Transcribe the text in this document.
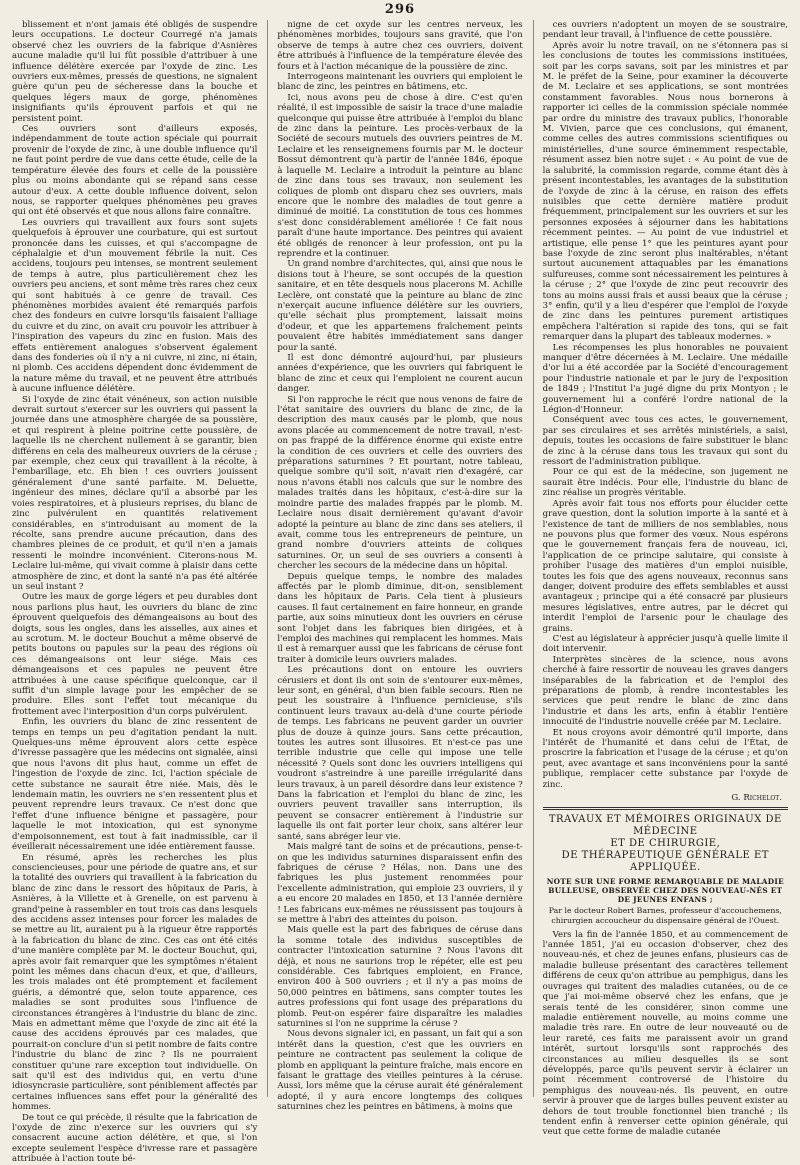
296

blissement et n'ont jamais été obligés de suspendre leurs occupations. Le docteur Courregé n'a jamais observé chez les ouvriers de la fabrique d'Asnières aucune maladie qu'il lui fût possible d'attribuer à une influence délétère exercée par l'oxyde de zinc. Les ouvriers eux-mêmes, pressés de questions, ne signalent guère qu'un peu de sécheresse dans la bouche et quelques légers maux de gorge, phénomènes insignifiants qu'ils éprouvent parfois et qui ne persistent point.

Ces ouvriers sont d'ailleurs exposés, indépendamment de toute action spéciale qui pourrait provenir de l'oxyde de zinc, à une double influence qu'il ne faut point perdre de vue dans cette étude, celle de la température élevée des fours et celle de la poussière plus ou moins abondante qui se répand sans cesse autour d'eux. A cette double influence doivent, selon nous, se rapporter quelques phénomènes peu graves qui ont été observés et que nous allons faire connaître.

Les ouvriers qui travaillent aux fours sont sujets quelquefois à éprouver une courbature, qui est surtout prononcée dans les cuisses, et qui s'accompagne de céphalalgie et d'un mouvement fébrile la nuit. Ces accidens, toujours peu intenses, se montrent seulement de temps à autre, plus particulièrement chez les ouvriers peu anciens, et sont même très rares chez ceux qui sont habitués à ce genre de travail. Ces phénomènes morbides avaient été remarqués parfois chez des fondeurs en cuivre lorsqu'ils faisaient l'alliage du cuivre et du zinc, on avait cru pouvoir les attribuer à l'inspiration des vapeurs du zinc en fusion. Mais des effets entièrement analogues s'observent également dans des fonderies où il n'y a ni cuivre, ni zinc, ni étain, ni plomb. Ces accidens dépendent donc évidemment de la nature même du travail, et ne peuvent être attribués à aucune influence délétère.

Si l'oxyde de zinc était vénéneux, son action nuisible devrait surtout s'exercer sur les ouvriers qui passent la journée dans une atmosphère chargée de sa poussière, et qui respirent à pleine poitrine cette poussière, de laquelle ils ne cherchent nullement à se garantir, bien différens en cela des malheureux ouvriers de la céruse ; par exemple, chez ceux qui travaillent à la récolte, à l'embarillage, etc. Eh bien ! ces ouvriers jouissent généralement d'une santé parfaite. M. Deluette, ingénieur des mines, déclare qu'il a absorbé par les voies respiratoires, et à plusieurs reprises, du blanc de zinc pulvérulent en quantités relativement considérables, en s'introduisant au moment de la récolte, sans prendre aucune précaution, dans des chambres pleines de ce produit, et qu'il n'en a jamais ressenti le moindre inconvénient. Citerons-nous M. Leclaire lui-même, qui vivait comme à plaisir dans cette atmosphère de zinc, et dont la santé n'a pas été altérée un seul instant ?

Outre les maux de gorge légers et peu durables dont nous parlions plus haut, les ouvriers du blanc de zinc éprouvent quelquefois des démangeaisons au bout des doigts, sous les ongles, dans les aisselles, aux aines et au scrotum. M. le docteur Bouchut a même observé de petits boutons ou papules sur la peau des régions où ces démangeaisons ont leur siége. Mais ces démangeaisons et ces papules ne peuvent être attribuées à une cause spécifique quelconque, car il suffit d'un simple lavage pour les empêcher de se produire. Elles sont l'effet tout mécanique du frottement avec l'interposition d'un corps pulvérulent.

Enfin, les ouvriers du blanc de zinc ressentent de temps en temps un peu d'agitation pendant la nuit. Quelques-uns même éprouvent alors cette espèce d'ivresse passagère que les médecins ont signalée, ainsi que nous l'avons dit plus haut, comme un effet de l'ingestion de l'oxyde de zinc. Ici, l'action spéciale de cette substance ne saurait être niée. Mais, dès le lendemain matin, les ouvriers ne s'en ressentent plus et peuvent reprendre leurs travaux. Ce n'est donc que l'effet d'une influence bénigne et passagère, pour laquelle le mot intoxication, qui est synonyme d'empoisonnement, est tout à fait inadmissible, car il éveillerait nécessairement une idée entièrement fausse.

En résumé, après les recherches les plus consciencieuses, pour une période de quatre ans, et sur la totalité des ouvriers qui travaillent à la fabrication du blanc de zinc dans le ressort des hôpitaux de Paris, à Asnières, à la Villette et à Grenelle, on est parvenu à grand'peine à rassembler en tout trois cas dans lesquels des accidens assez intenses pour forcer les malades de se mettre au lit, auraient pu à la rigueur être rapportés à la fabrication du blanc de zinc. Ces cas ont été cités d'une manière complète par M. le docteur Bouchut, qui, après avoir fait remarquer que les symptômes n'étaient point les mêmes dans chacun d'eux, et que, d'ailleurs, les trois malades ont été promptement et facilement guéris, a démontré que, selon toute apparence, ces maladies se sont produites sous l'influence de circonstances étrangères à l'industrie du blanc de zinc. Mais en admettant même que l'oxyde de zinc ait été la cause des accidens éprouvés par ces malades, que pourrait-on conclure d'un si petit nombre de faits contre l'industrie du blanc de zinc ? Ils ne pourraient constituer qu'une rare exception tout individuelle. On sait qu'il est des individus qui, en vertu d'une idiosyncrasie particulière, sont péniblement affectés par certaines influences sans effet pour la généralité des hommes.

De tout ce qui précède, il résulte que la fabrication de l'oxyde de zinc n'exerce sur les ouvriers qui s'y consacrent aucune action délétère, et que, si l'on excepte seulement l'espèce d'ivresse rare et passagère attribuée à l'action toute bé-

nigne de cet oxyde sur les centres nerveux, les phénomènes morbides, toujours sans gravité, que l'on observe de temps à autre chez ces ouvriers, doivent être attribués à l'influence de la température élevée des fours et à l'action mécanique de la poussière de zinc.

Interrogeons maintenant les ouvriers qui emploient le blanc de zinc, les peintres en bâtimens, etc.

Ici, nous avons peu de chose à dire. C'est qu'en réalité, il est impossible de saisir la trace d'une maladie quelconque qui puisse être attribuée à l'emploi du blanc de zinc dans la peinture. Les procès-verbaux de la Société de secours mutuels des ouvriers peintres de M. Leclaire et les renseignemens fournis par M. le docteur Bossut démontrent qu'à partir de l'année 1846, époque à laquelle M. Leclaire a introduit la peinture au blanc de zinc dans tous ses travaux, non seulement les coliques de plomb ont disparu chez ses ouvriers, mais encore que le nombre des maladies de tout genre a diminué de moitié. La constitution de tous ces hommes s'est donc considérablement améliorée ! Ce fait nous paraît d'une haute importance. Des peintres qui avaient été obligés de renoncer à leur profession, ont pu la reprendre et la continuer.

Un grand nombre d'architectes, qui, ainsi que nous le disions tout à l'heure, se sont occupés de la question sanitaire, et en tête desquels nous placerons M. Achille Leclère, ont constaté que la peinture au blanc de zinc n'exerçait aucune influence délétère sur les ouvriers, qu'elle séchait plus promptement, laissait moins d'odeur, et que les appartemens fraîchement peints pouvaient être habités immédiatement sans danger pour la santé.

Il est donc démontré aujourd'hui, par plusieurs années d'expérience, que les ouvriers qui fabriquent le blanc de zinc et ceux qui l'emploient ne courent aucun danger.

Si l'on rapproche le récit que nous venons de faire de l'état sanitaire des ouvriers du blanc de zinc, de la description des maux causés par le plomb, que nous avons placée au commencement de notre travail, n'est-on pas frappé de la différence énorme qui existe entre la condition de ces ouvriers et celle des ouvriers des préparations saturnines ? Et pourtant, notre tableau, quelque sombre qu'il soit, n'avait rien d'exagéré, car nous n'avons établi nos calculs que sur le nombre des malades traités dans les hôpitaux, c'est-à-dire sur la moindre partie des malades frappés par le plomb. M. Leclaire nous disait dernièrement qu'avant d'avoir adopté la peinture au blanc de zinc dans ses ateliers, il avait, comme tous les entrepreneurs de peinture, un grand nombre d'ouvriers atteints de coliques saturnines. Or, un seul de ses ouvriers a consenti à chercher les secours de la médecine dans un hôpital.

Depuis quelque temps, le nombre des malades affectés par le plomb diminue, dit-on, sensiblement dans les hôpitaux de Paris. Cela tient à plusieurs causes. Il faut certainement en faire honneur, en grande partie, aux soins minutieux dont les ouvriers en céruse sont l'objet dans les fabriques bien dirigées, et à l'emploi des machines qui remplacent les hommes. Mais il est à remarquer aussi que les fabricans de céruse font traiter à domicile leurs ouvriers malades.

Les précautions dont on entoure les ouvriers cérusiers et dont ils ont soin de s'entourer eux-mêmes, leur sont, en général, d'un bien faible secours. Rien ne peut les soustraire à l'influence pernicieuse, s'ils continuent leurs travaux au-delà d'une courte période de temps. Les fabricans ne peuvent garder un ouvrier plus de douze à quinze jours. Sans cette précaution, toutes les autres sont illusoires. Et n'est-ce pas une terrible industrie que celle qui impose une telle nécessité ? Quels sont donc les ouvriers intelligens qui voudront s'astreindre à une pareille irrégularité dans leurs travaux, à un pareil désordre dans leur existence ? Dans la fabrication et l'emploi du blanc de zinc, les ouvriers peuvent travailler sans interruption, ils peuvent se consacrer entièrement à l'industrie sur laquelle ils ont fait porter leur choix, sans altérer leur santé, sans abréger leur vie.

Mais malgré tant de soins et de précautions, pense-t-on que les individus saturnines disparaissent enfin des fabriques de céruse ? Hélas, non. Dans une des fabriques les plus justement renommées pour l'excellente administration, qui emploie 23 ouvriers, il y a eu encore 20 malades en 1850, et 13 l'année dernière ! Les fabricans eux-mêmes ne réussissent pas toujours à se mettre à l'abri des atteintes du poison.

Mais quelle est la part des fabriques de céruse dans la somme totale des individus susceptibles de contracter l'intoxication saturnine ? Nous l'avons dit déjà, et nous ne saurions trop le répéter, elle est peu considérable. Ces fabriques emploient, en France, environ 400 à 500 ouvriers ; et il n'y a pas moins de 50,000 peintres en bâtimens, sans compter toutes les autres professions qui font usage des préparations du plomb. Peut-on espérer faire disparaître les maladies saturnines si l'on ne supprime la céruse ?

Nous devons signaler ici, en passant, un fait qui a son intérêt dans la question, c'est que les ouvriers en peinture ne contractent pas seulement la colique de plomb en appliquant la peinture fraîche, mais encore en faisant le grattage des vieilles peintures à la céruse. Aussi, lors même que la céruse aurait été généralement adopté, il y aura encore longtemps des coliques saturnines chez les peintres en bâtimens, à moins que

ces ouvriers n'adoptent un moyen de se soustraire, pendant leur travail, à l'influence de cette poussière.

Après avoir lu notre travail, on ne s'étonnera pas si les conclusions de toutes les commissions instituées, soit par les corps savans, soit par les ministres et par M. le préfet de la Seine, pour examiner la découverte de M. Leclaire et ses applications, se sont montrées constamment favorables. Nous nous bornerons à rapporter ici celles de la commission spéciale nommée par ordre du ministre des travaux publics, l'honorable M. Vivien, parce que ces conclusions, qui émanent, comme celles des autres commissions scientifiques ou ministérielles, d'une source éminemment respectable, résument assez bien notre sujet : « Au point de vue de la salubrité, la commission regarde, comme étant dès à présent incontestables, les avantages de la substitution de l'oxyde de zinc à la céruse, en raison des effets nuisibles que cette dernière matière produit fréquemment, principalement sur les ouvriers et sur les personnes exposées à séjourner dans les habitations récemment peintes. — Au point de vue industriel et artistique, elle pense 1° que les peintures ayant pour base l'oxyde de zinc seront plus inaltérables, n'étant surtout aucunement attaquables par les émanations sulfureuses, comme sont nécessairement les peintures à la céruse ; 2° que l'oxyde de zinc peut recouvrir des tons au moins aussi frais et aussi beaux que la céruse ; 3° enfin, qu'il y a lieu d'espérer que l'emploi de l'oxyde de zinc dans les peintures purement artistiques empêchera l'altération si rapide des tons, qui se fait remarquer dans la plupart des tableaux modernes. »

Les récompenses les plus honorables ne pouvaient manquer d'être décernées à M. Leclaire. Une médaille d'or lui a été accordée par la Société d'encouragement pour l'industrie nationale et par le jury de l'exposition de 1849 ; l'Institut l'a jugé digne du prix Montyon ; le gouvernement lui a conféré l'ordre national de la Légion-d'Honneur.

Conséquent avec tous ces actes, le gouvernement, par ses circulaires et ses arrêtés ministériels, a saisi, depuis, toutes les occasions de faire substituer le blanc de zinc à la céruse dans tous les travaux qui sont du ressort de l'administration publique.

Pour ce qui est de la médecine, son jugement ne saurait être indécis. Pour elle, l'industrie du blanc de zinc réalise un progrès véritable.

Après avoir fait tous nos efforts pour élucider cette grave question, dont la solution importe à la santé et à l'existence de tant de milliers de nos semblables, nous ne pouvons plus que former des vœux. Nous espérons que le gouvernement français fera de nouveau, ici, l'application de ce principe salutaire, qui consiste à prohiber l'usage des matières d'un emploi nuisible, toutes les fois que des agens nouveaux, reconnus sans danger, doivent produire des effets semblables et aussi avantageux ; principe qui a été consacré par plusieurs mesures législatives, entre autres, par le décret qui interdit l'emploi de l'arsenic pour le chaulage des grains.

C'est au législateur à apprécier jusqu'à quelle limite il doit intervenir.

Interprètes sincères de la science, nous avons cherché à faire ressortir de nouveau les graves dangers inséparables de la fabrication et de l'emploi des préparations de plomb, à rendre incontestables les services que peut rendre le blanc de zinc dans l'industrie et dans les arts, enfin à établir l'entière innocuité de l'industrie nouvelle créée par M. Leclaire.

Et nous croyons avoir démontré qu'il importe, dans l'intérêt de l'humanité et dans celui de l'État, de proscrire la fabrication et l'usage de la céruse ; et qu'on peut, avec avantage et sans inconvéniens pour la santé publique, remplacer cette substance par l'oxyde de zinc.

G. Richelot.
TRAVAUX ET MÉMOIRES ORIGINAUX DE MÉDECINE
ET DE CHIRURGIE,
DE THÉRAPEUTIQUE GÉNÉRALE ET APPLIQUÉE.
NOTE SUR UNE FORME REMARQUABLE DE MALADIE BULLEUSE, OBSERVÉE CHEZ DES NOUVEAU-NÉS ET DE JEUNES ENFANS ;
Par le docteur Robert Barnes, professeur d'accouchemens, chirurgien accoucheur du dispensaire général de l'Ouest.

Vers la fin de l'année 1850, et au commencement de l'année 1851, j'ai eu occasion d'observer, chez des nouveau-nés, et chez de jeunes enfans, plusieurs cas de maladie bulleuse présentant des caractères tellement différens de ceux qu'on attribue au pemphigus, dans les ouvrages qui traitent des maladies cutanées, ou de ce que j'ai moi-même observé chez les enfans, que je serais tenté de les considérer, sinon comme une maladie entièrement nouvelle, au moins comme une maladie très rare. En outre de leur nouveauté ou de leur rareté, ces faits me paraissent avoir un grand intérêt, surtout lorsqu'ils sont rapprochés des circonstances au milieu desquelles ils se sont développés, parce qu'ils peuvent servir à éclairer un point récemment controversé de l'histoire du pemphigus des nouveau-nés. Ils peuvent, en outre servir à prouver que de larges bulles peuvent exister au dehors de tout trouble fonctionnel bien tranché ; ils tendent enfin à renverser cette opinion générale, qui veut que cette forme de maladie cutanée
